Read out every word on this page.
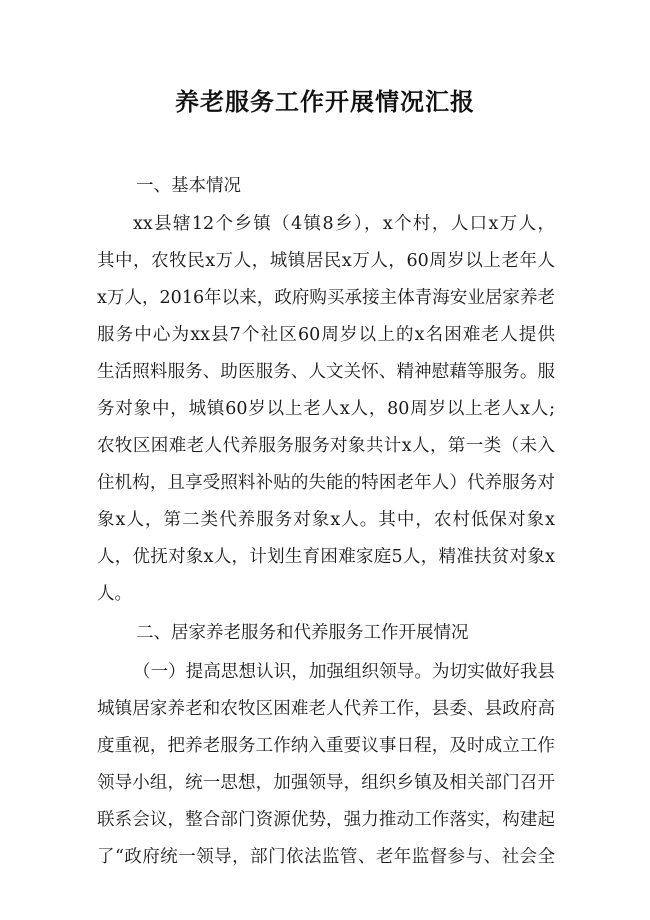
养老服务工作开展情况汇报
一、基本情况
xx县辖12个乡镇（4镇8乡），x个村，人口x万人，
其中，农牧民x万人，城镇居民x万人，60周岁以上老年人
x万人，2016年以来，政府购买承接主体青海安业居家养老
服务中心为xx县7个社区60周岁以上的x名困难老人提供
生活照料服务、助医服务、人文关怀、精神慰藉等服务。服
务对象中，城镇60岁以上老人x人，80周岁以上老人x人;
农牧区困难老人代养服务服务对象共计x人，第一类（未入
住机构，且享受照料补贴的失能的特困老年人）代养服务对
象x人，第二类代养服务对象x人。其中，农村低保对象x
人，优抚对象x人，计划生育困难家庭5人，精准扶贫对象x
人。
二、居家养老服务和代养服务工作开展情况
（一）提高思想认识，加强组织领导。为切实做好我县
城镇居家养老和农牧区困难老人代养工作，县委、县政府高
度重视，把养老服务工作纳入重要议事日程，及时成立工作
领导小组，统一思想，加强领导，组织乡镇及相关部门召开
联系会议，整合部门资源优势，强力推动工作落实，构建起
了“政府统一领导，部门依法监管、老年监督参与、社会全
